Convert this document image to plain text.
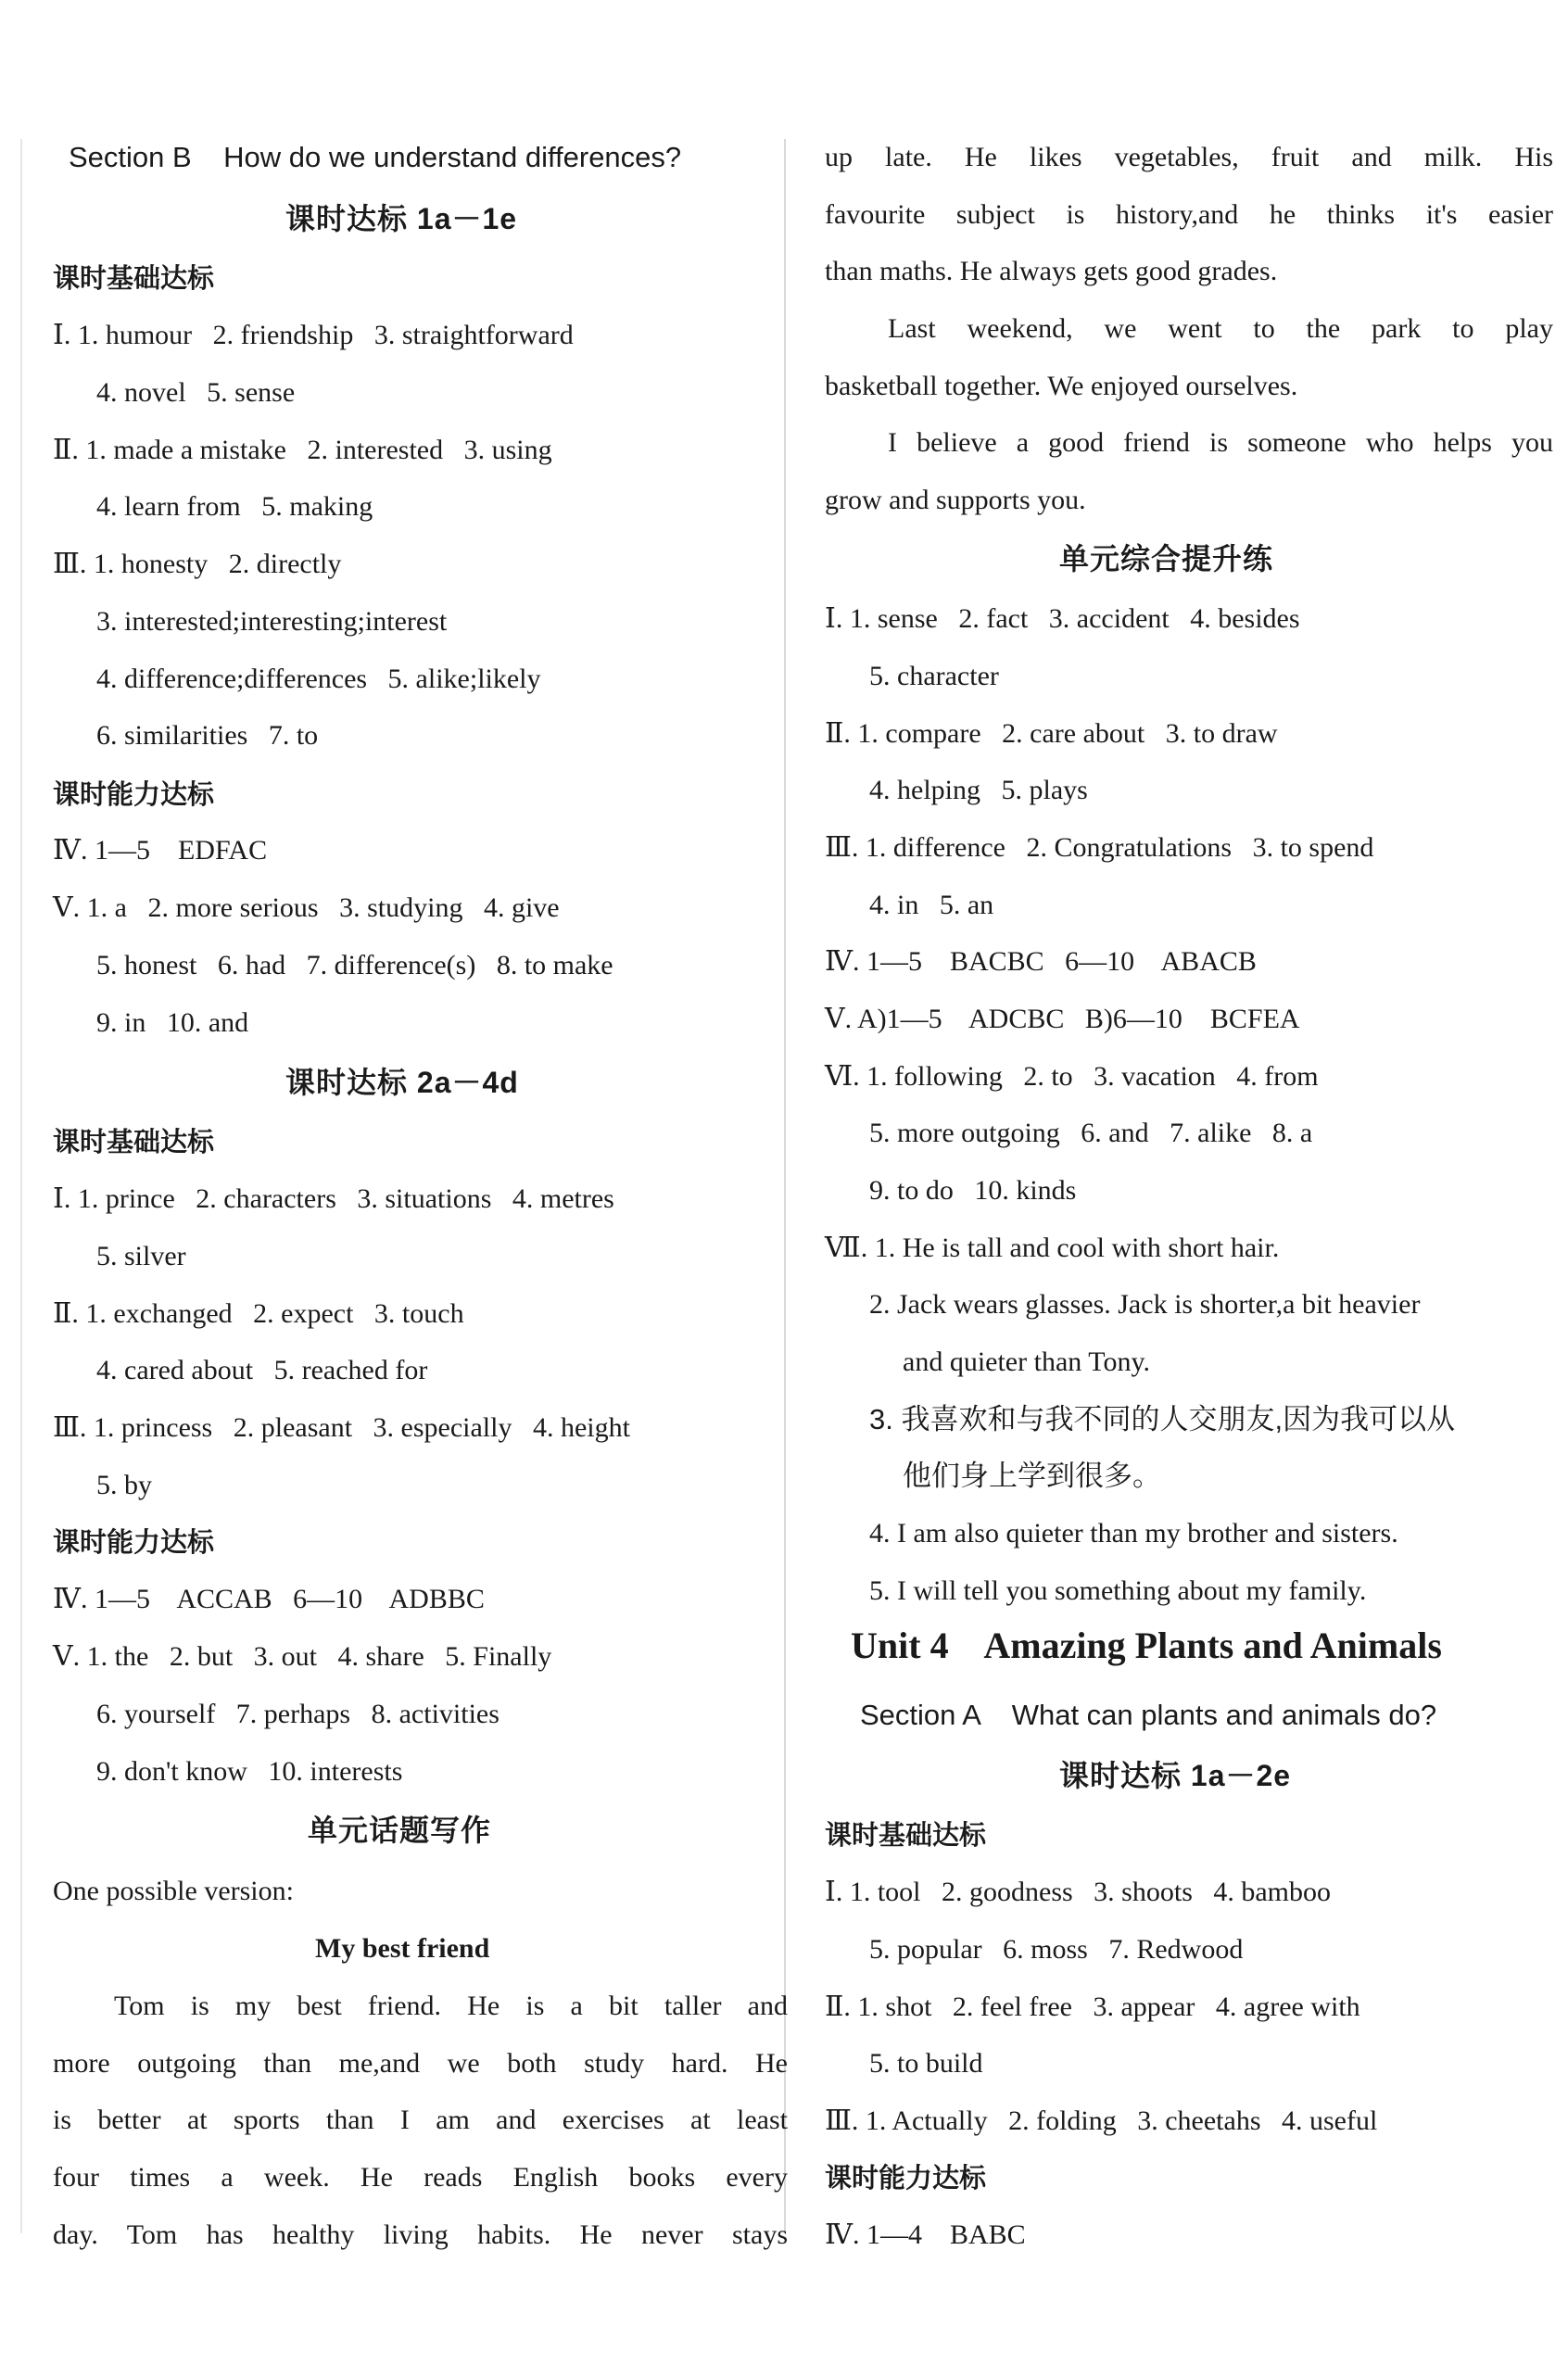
Section B    How do we understand differences?
课时达标 1a－1e
课时基础达标
Ⅰ. 1. humour   2. friendship   3. straightforward
4. novel   5. sense
Ⅱ. 1. made a mistake   2. interested   3. using
4. learn from   5. making
Ⅲ. 1. honesty   2. directly
3. interested;interesting;interest
4. difference;differences   5. alike;likely
6. similarities   7. to
课时能力达标
Ⅳ. 1—5    EDFAC
Ⅴ. 1. a   2. more serious   3. studying   4. give
5. honest   6. had   7. difference(s)   8. to make
9. in   10. and
课时达标 2a－4d
课时基础达标
Ⅰ. 1. prince   2. characters   3. situations   4. metres
5. silver
Ⅱ. 1. exchanged   2. expect   3. touch
4. cared about   5. reached for
Ⅲ. 1. princess   2. pleasant   3. especially   4. height
5. by
课时能力达标
Ⅳ. 1—5    ACCAB   6—10    ADBBC
Ⅴ. 1. the   2. but   3. out   4. share   5. Finally
6. yourself   7. perhaps   8. activities
9. don't know   10. interests
单元话题写作
One possible version:
My best friend
Tom is my best friend. He is a bit taller and
more outgoing than me,and we both study hard. He
is better at sports than I am and exercises at least
four times a week. He reads English books every
day. Tom has healthy living habits. He never stays
up late. He likes vegetables, fruit and milk. His
favourite subject is history,and he thinks it's easier
than maths. He always gets good grades.
Last weekend, we went to the park to play
basketball together. We enjoyed ourselves.
I believe a good friend is someone who helps you
grow and supports you.
单元综合提升练
Ⅰ. 1. sense   2. fact   3. accident   4. besides
5. character
Ⅱ. 1. compare   2. care about   3. to draw
4. helping   5. plays
Ⅲ. 1. difference   2. Congratulations   3. to spend
4. in   5. an
Ⅳ. 1—5    BACBC   6—10    ABACB
Ⅴ. A)1—5    ADCBC   B)6—10    BCFEA
Ⅵ. 1. following   2. to   3. vacation   4. from
5. more outgoing   6. and   7. alike   8. a
9. to do   10. kinds
Ⅶ. 1. He is tall and cool with short hair.
2. Jack wears glasses. Jack is shorter,a bit heavier
and quieter than Tony.
3. 我喜欢和与我不同的人交朋友,因为我可以从
他们身上学到很多。
4. I am also quieter than my brother and sisters.
5. I will tell you something about my family.
Unit 4    Amazing Plants and Animals
Section A    What can plants and animals do?
课时达标 1a－2e
课时基础达标
Ⅰ. 1. tool   2. goodness   3. shoots   4. bamboo
5. popular   6. moss   7. Redwood
Ⅱ. 1. shot   2. feel free   3. appear   4. agree with
5. to build
Ⅲ. 1. Actually   2. folding   3. cheetahs   4. useful
课时能力达标
Ⅳ. 1—4    BABC
